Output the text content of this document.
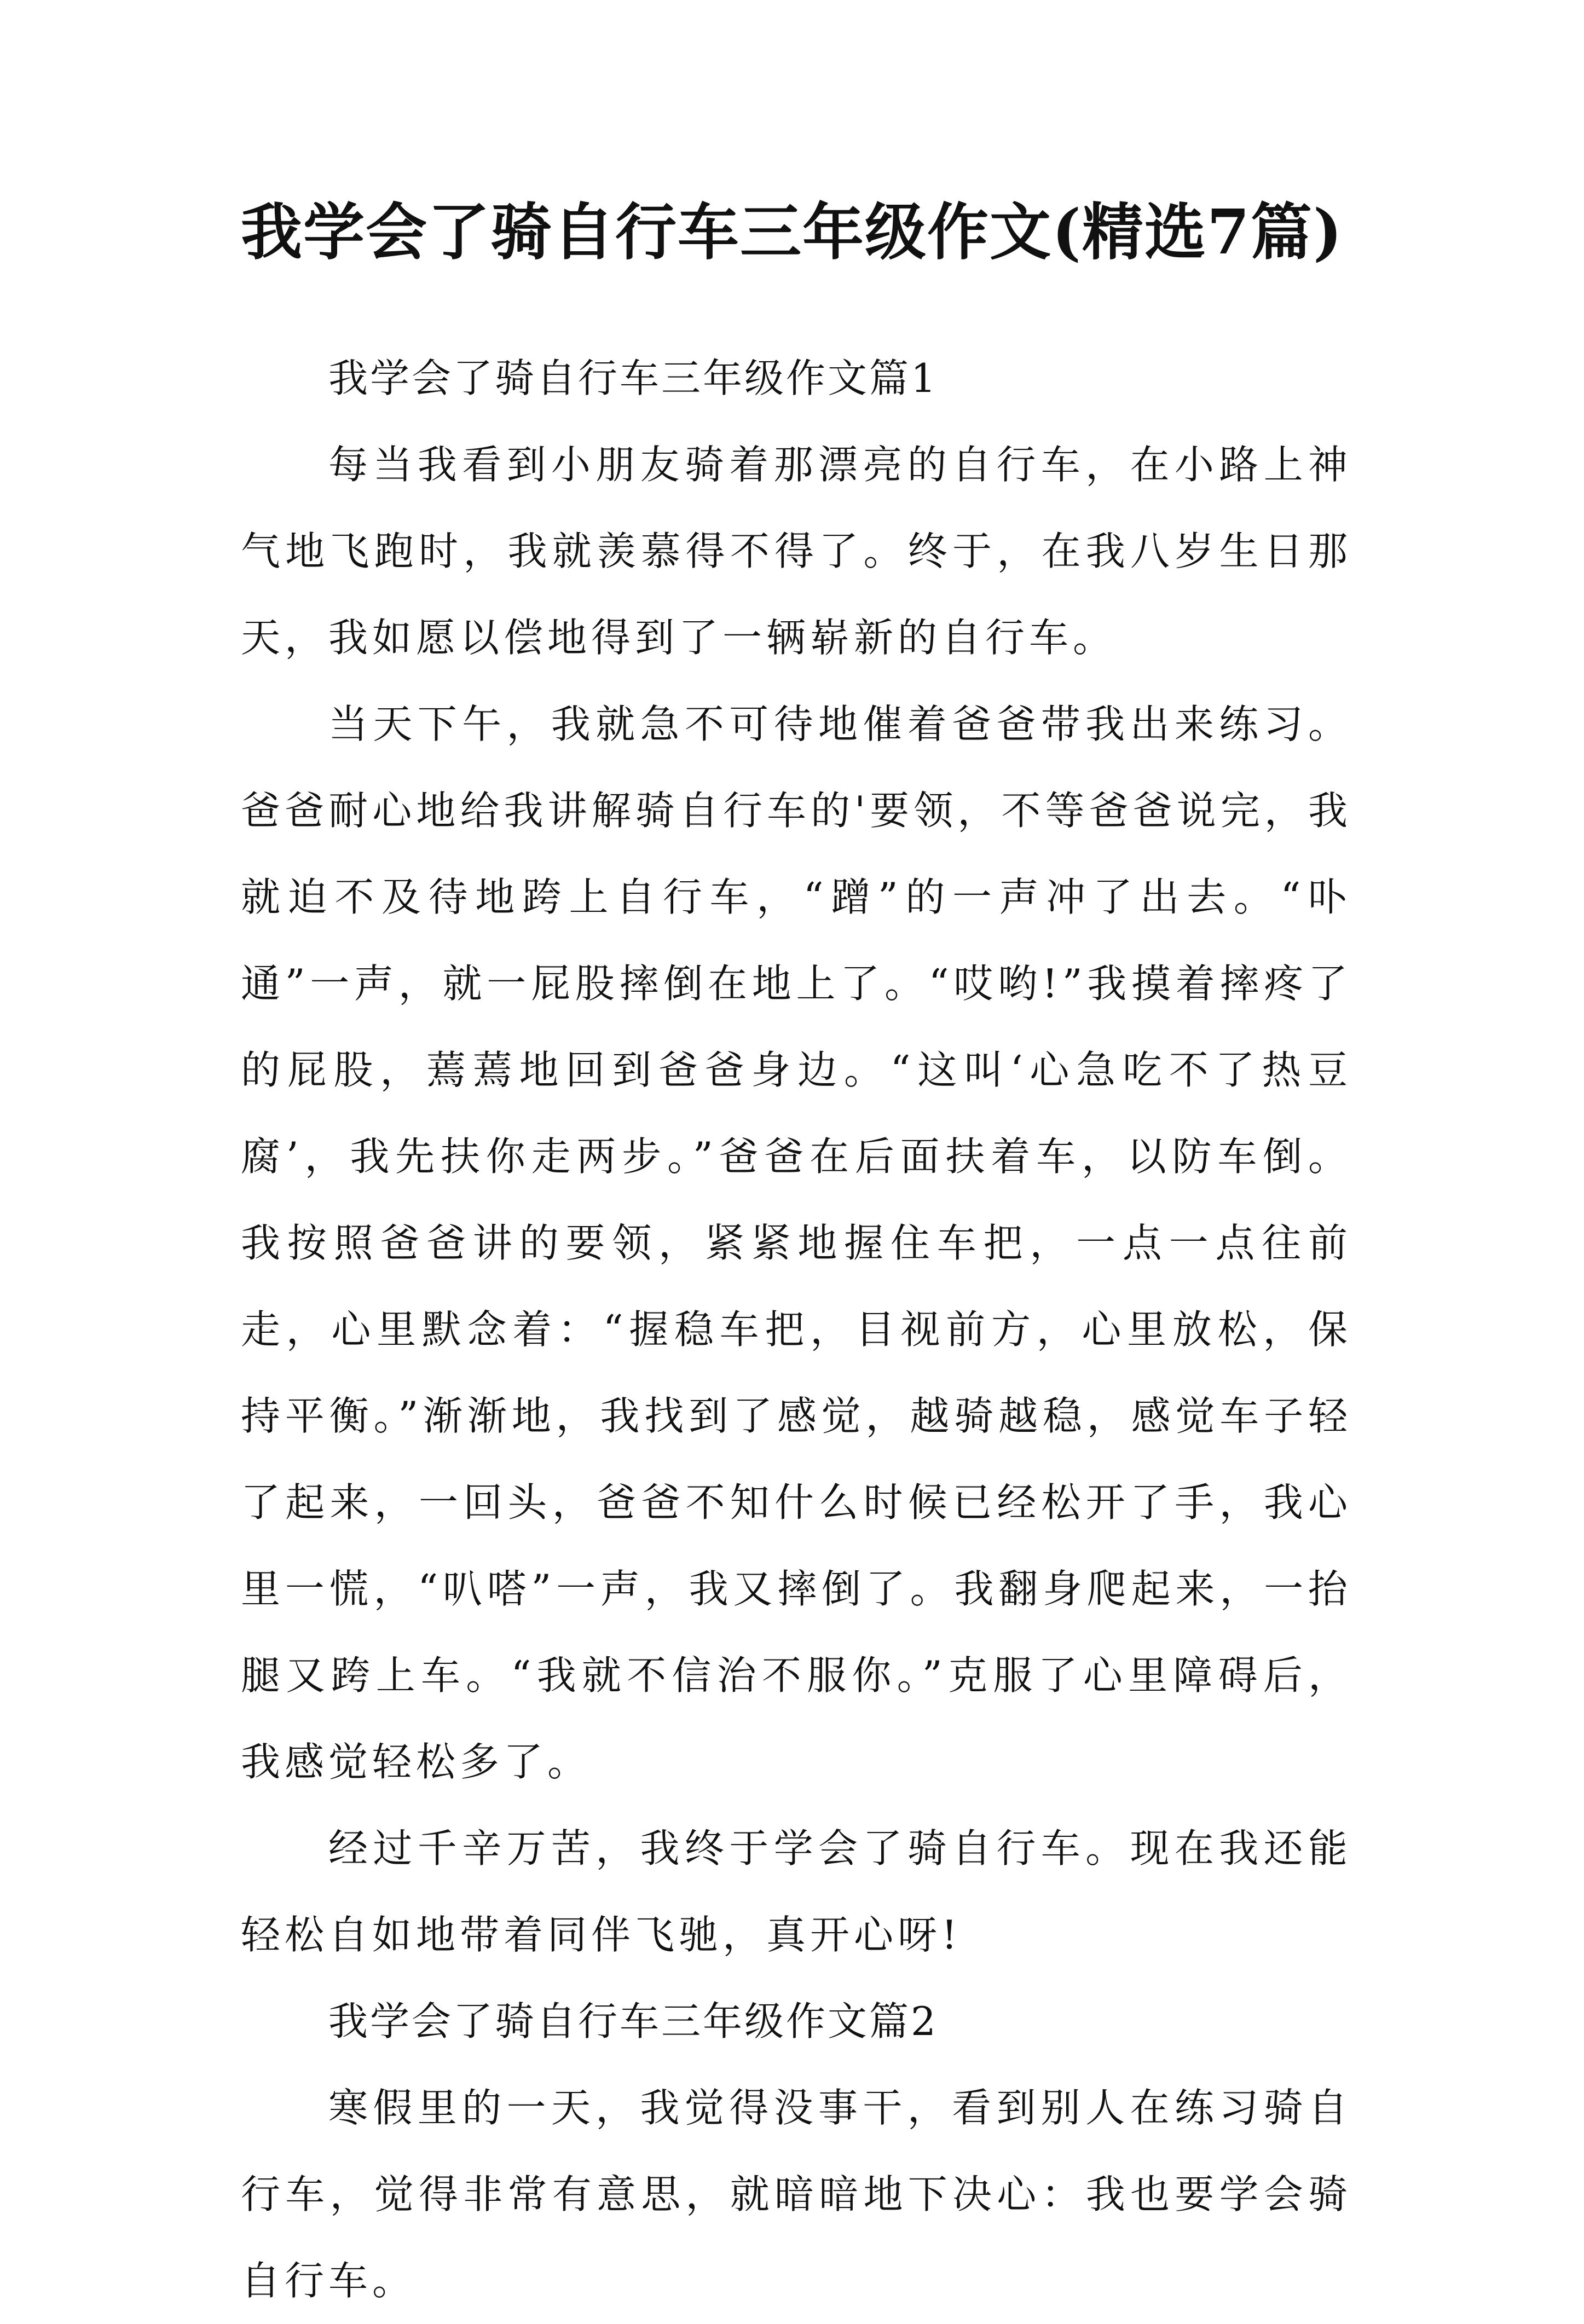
我学会了骑自行车三年级作文(精选7篇)

我学会了骑自行车三年级作文篇1

每当我看到小朋友骑着那漂亮的自行车，在小路上神气地飞跑时，我就羡慕得不得了。终于，在我八岁生日那天，我如愿以偿地得到了一辆崭新的自行车。

当天下午，我就急不可待地催着爸爸带我出来练习。爸爸耐心地给我讲解骑自行车的'要领，不等爸爸说完，我就迫不及待地跨上自行车，“蹭”的一声冲了出去。“卟通”一声，就一屁股摔倒在地上了。“哎哟!”我摸着摔疼了的屁股，蔫蔫地回到爸爸身边。“这叫‘心急吃不了热豆腐’，我先扶你走两步。”爸爸在后面扶着车，以防车倒。我按照爸爸讲的要领，紧紧地握住车把，一点一点往前走，心里默念着：“握稳车把，目视前方，心里放松，保持平衡。”渐渐地，我找到了感觉，越骑越稳，感觉车子轻了起来，一回头，爸爸不知什么时候已经松开了手，我心里一慌，“叭嗒”一声，我又摔倒了。我翻身爬起来，一抬腿又跨上车。“我就不信治不服你。”克服了心里障碍后，我感觉轻松多了。

经过千辛万苦，我终于学会了骑自行车。现在我还能轻松自如地带着同伴飞驰，真开心呀!

我学会了骑自行车三年级作文篇2

寒假里的一天，我觉得没事干，看到别人在练习骑自行车，觉得非常有意思，就暗暗地下决心：我也要学会骑自行车。
